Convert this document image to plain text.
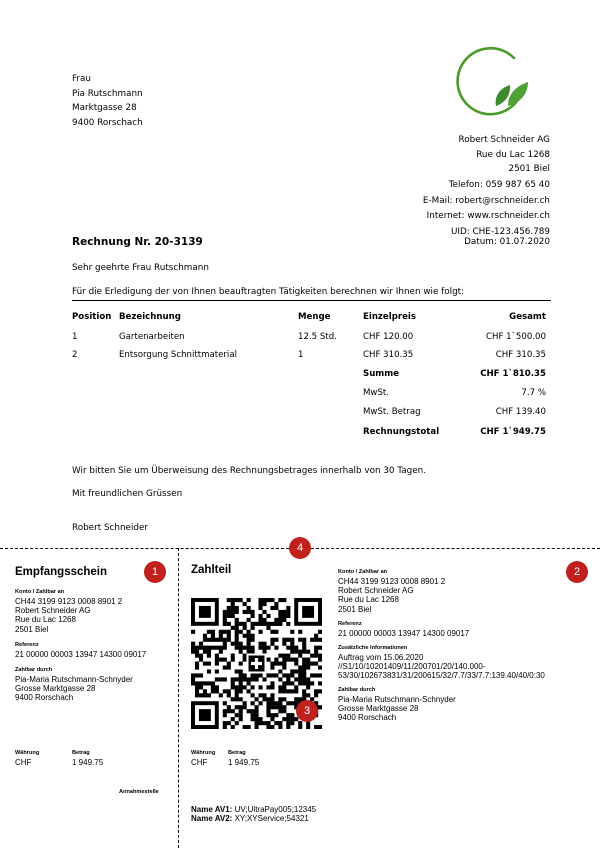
Frau
Pia Rutschmann
Marktgasse 28
9400 Rorschach
Robert Schneider AG
Rue du Lac 1268
2501 Biel
Telefon: 059 987 65 40
E-Mail: robert@rschneider.ch
Internet: www.rschneider.ch
UID: CHE-123.456.789
Rechnung Nr. 20-3139	Datum: 01.07.2020
Sehr geehrte Frau Rutschmann
Für die Erledigung der von Ihnen beauftragten Tätigkeiten berechnen wir Ihnen wie folgt:
Position Bezeichnung	Menge	Einzelpreis	Gesamt
1	Gartenarbeiten	12.5 Std.	CHF 120.00	CHF 1`500.00
2	Entsorgung Schnittmaterial	1	CHF 310.35	CHF 310.35
Summe	CHF 1`810.35
MwSt.	7.7 %
MwSt. Betrag	CHF 139.40
Rechnungstotal	CHF 1`949.75
Wir bitten Sie um Überweisung des Rechnungsbetrages innerhalb von 30 Tagen.
Mit freundlichen Grüssen
Robert Schneider
Empfangsschein
Konto / Zahlbar an
CH44 3199 9123 0008 8901 2
Robert Schneider AG
Rue du Lac 1268
2501 Biel
Referenz
21 00000 00003 13947 14300 09017
Zahlbar durch
Pia-Maria Rutschmann-Schnyder
Grosse Marktgasse 28
9400 Rorschach
Währung
CHF
Betrag
1 949.75
Annahmestelle
Zahlteil
Währung
CHF
Betrag
1 949.75
Name AV1: UV;UltraPay005;12345
Name AV2: XY;XYService;54321
Konto / Zahlbar an
CH44 3199 9123 0008 8901 2
Robert Schneider AG
Rue du Lac 1268
2501 Biel
Referenz
21 00000 00003 13947 14300 09017
Zusätzliche Informationen
Auftrag vom 15.06.2020
//S1/10/10201409/11/200701/20/140.000-
53/30/102673831/31/200615/32/7.7/33/7.7:139.40/40/0:30
Zahlbar durch
Pia-Maria Rutschmann-Schnyder
Grosse Marktgasse 28
9400 Rorschach
1	2
3
4
